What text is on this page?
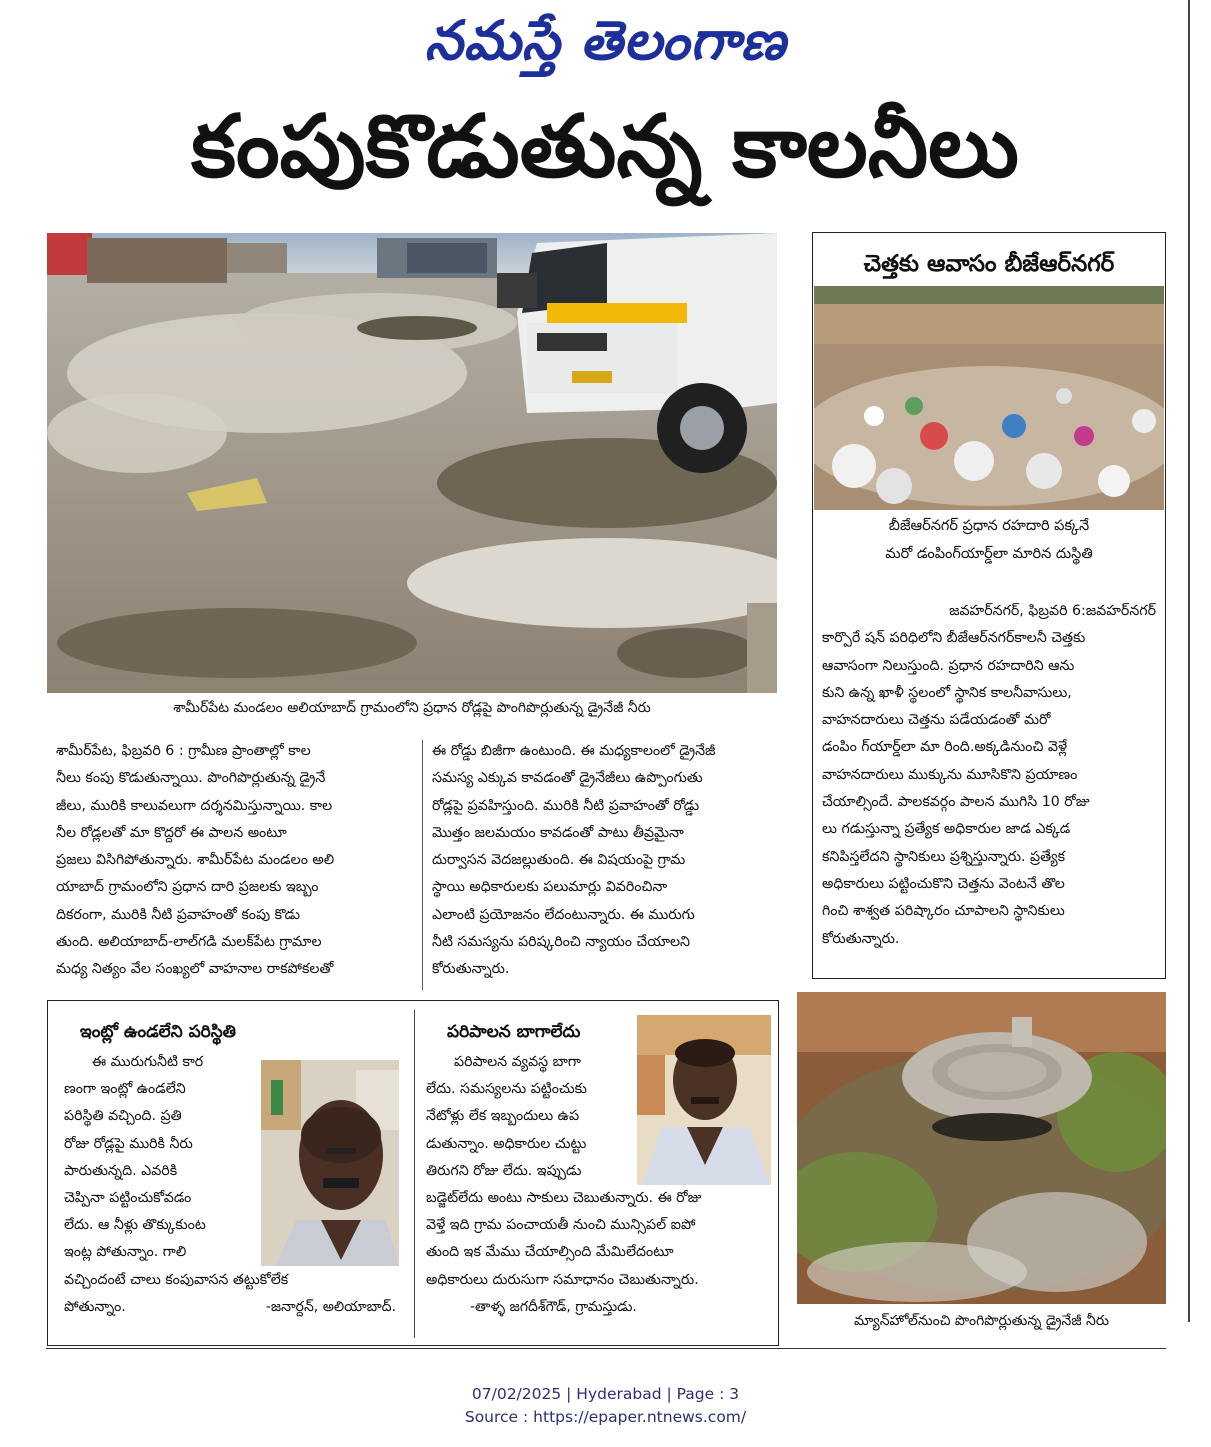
నమస్తే తెలంగాణ
కంపుకొడుతున్న కాలనీలు
శామీర్‌పేట మండలం అలియాబాద్ గ్రామంలోని ప్రధాన రోడ్లపై పొంగిపొర్లుతున్న డ్రైనేజీ నీరు

శామీర్‌పేట, ఫిబ్రవరి 6 : గ్రామీణ ప్రాంతాల్లో కాల

నీలు కంపు కొడుతున్నాయి. పొంగిపొర్లుతున్న డ్రైనే

జీలు, మురికి కాలువలుగా దర్శనమిస్తున్నాయి. కాల

నీల రోడ్లలతో మా కొద్దరో ఈ పాలన అంటూ

ప్రజలు విసిగిపోతున్నారు. శామీర్‌పేట మండలం అలి

యాబాద్ గ్రామంలోని ప్రధాన దారి ప్రజలకు ఇబ్బం

దికరంగా, మురికి నీటి ప్రవాహంతో కంపు కొడు

తుంది. అలియాబాద్-లాల్‌గడి మలక్‌పేట గ్రామాల

మధ్య నిత్యం వేల సంఖ్యలో వాహనాల రాకపోకలతో

ఈ రోడ్డు బిజీగా ఉంటుంది. ఈ మధ్యకాలంలో డ్రైనేజీ

సమస్య ఎక్కువ కావడంతో డ్రైనేజీలు ఉప్పొంగుతు

రోడ్లపై ప్రవహిస్తుంది. మురికి నీటి ప్రవాహంతో రోడ్డు

మొత్తం జలమయం కావడంతో పాటు తీవ్రమైనా

దుర్వాసన వెదజల్లుతుంది. ఈ విషయంపై గ్రామ

స్థాయి అధికారులకు పలుమార్లు వివరించినా

ఎలాంటి ప్రయోజనం లేదంటున్నారు. ఈ మురుగు

నీటి సమస్యను పరిష్కరించి న్యాయం చేయాలని

కోరుతున్నారు.

చెత్తకు ఆవాసం బీజేఆర్‌నగర్
బీజేఆర్‌నగర్ ప్రధాన రహదారి పక్కనే
మరో డంపింగ్‌యార్డ్‌లా మారిన దుస్థితి

జవహర్‌నగర్, ఫిబ్రవరి 6:జవహర్‌నగర్

కార్పొరే షన్ పరిధిలోని బీజేఆర్‌నగర్‌కాలనీ చెత్తకు

ఆవాసంగా నిలుస్తుంది. ప్రధాన రహదారిని ఆను

కుని ఉన్న ఖాళీ స్థలంలో స్థానిక కాలనీవాసులు,

వాహనదారులు చెత్తను పడేయడంతో మరో

డంపిం గ్‌యార్డ్‌లా మా రింది.అక్కడినుంచి వెళ్లే

వాహనదారులు ముక్కును మూసికొని ప్రయాణం

చేయాల్సిందే. పాలకవర్గం పాలన ముగిసి 10 రోజు

లు గడుస్తున్నా ప్రత్యేక అధికారుల జాడ ఎక్కడ

కనిపిస్తలేదని స్థానికులు ప్రశ్నిస్తున్నారు. ప్రత్యేక

అధికారులు పట్టించుకొని చెత్తను వెంటనే తొల

గించి శాశ్వత పరిష్కారం చూపాలని స్థానికులు

కోరుతున్నారు.

ఇంట్లో ఉండలేని పరిస్థితి
ఈ మురుగునీటి కార
ణంగా ఇంట్లో ఉండలేని
పరిస్థితి వచ్చింది. ప్రతి
రోజు రోడ్లపై మురికి నీరు
పారుతున్నది. ఎవరికి
చెప్పినా పట్టించుకోవడం
లేదు. ఆ నీళ్లు తొక్కుకుంట
ఇంట్ల పోతున్నాం. గాలి
వచ్చిందంటే చాలు కంపువాసన తట్టుకోలేక
పోతున్నాం.	-జనార్దన్, అలియాబాద్.
పరిపాలన బాగాలేదు
పరిపాలన వ్యవస్థ బాగా
లేదు. సమస్యలను పట్టించుకు
నేటోళ్లు లేక ఇబ్బందులు ఉప
డుతున్నాం. అధికారుల చుట్టు
తిరుగని రోజు లేదు. ఇప్పుడు
బడ్జెట్‌లేదు అంటు సాకులు చెబుతున్నారు. ఈ రోజు
వెళ్తే ఇది గ్రామ పంచాయతీ నుంచి మున్సిపల్ ఐపో
తుంది ఇక మేము చేయాల్సింది మేమిలేదంటూ
అధికారులు దురుసుగా సమాధానం చెబుతున్నారు.
-తాళ్ళ జగదీశ్‌గౌడ్, గ్రామస్తుడు.
మ్యాన్‌హోల్‌నుంచి పొంగిపొర్లుతున్న డ్రైనేజీ నీరు
07/02/2025 | Hyderabad | Page : 3
Source : https://epaper.ntnews.com/
